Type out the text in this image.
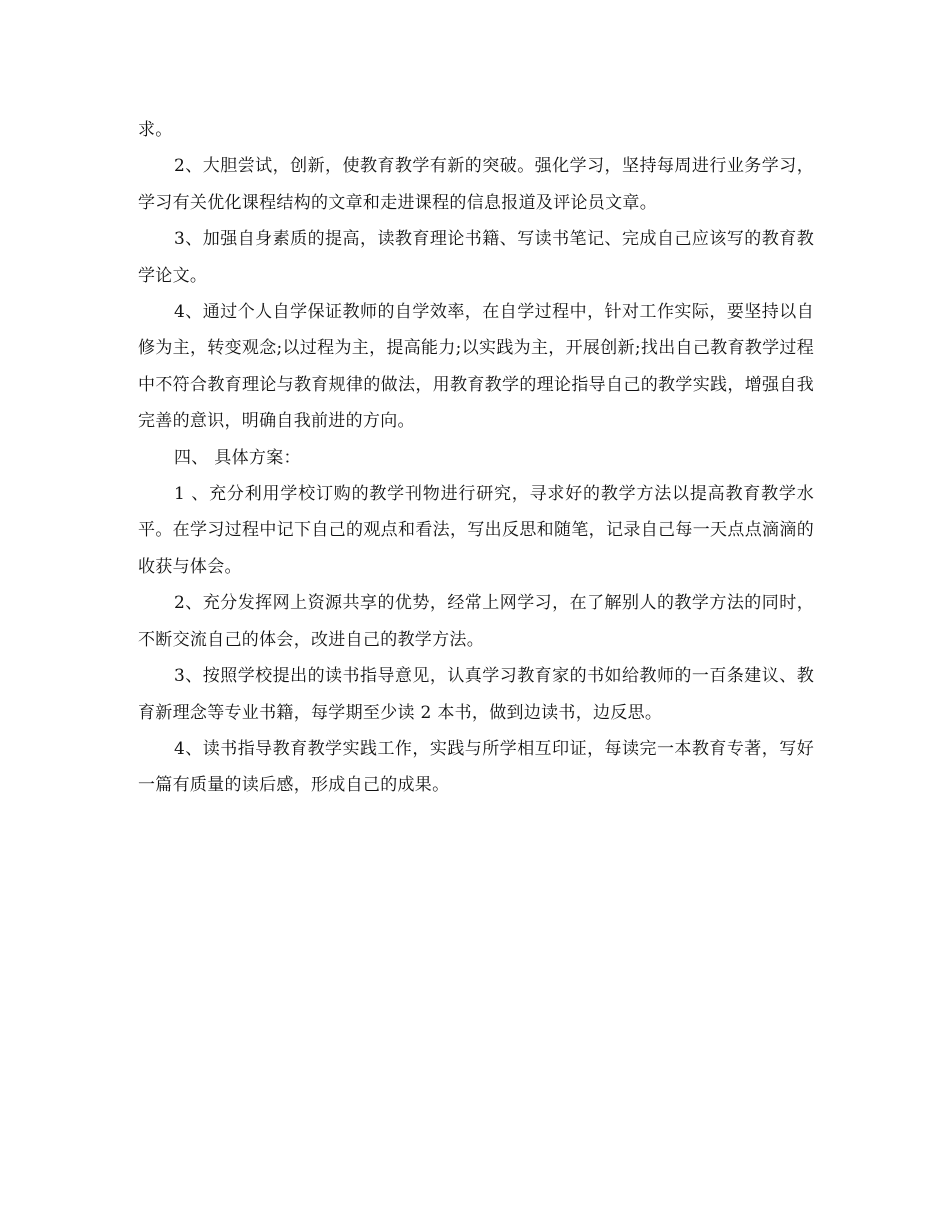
求。

2、大胆尝试，创新，使教育教学有新的突破。强化学习，坚持每周进行业务学习，学习有关优化课程结构的文章和走进课程的信息报道及评论员文章。

3、加强自身素质的提高，读教育理论书籍、写读书笔记、完成自己应该写的教育教学论文。

4、通过个人自学保证教师的自学效率，在自学过程中，针对工作实际，要坚持以自修为主，转变观念;以过程为主，提高能力;以实践为主，开展创新;找出自己教育教学过程中不符合教育理论与教育规律的做法，用教育教学的理论指导自己的教学实践，增强自我完善的意识，明确自我前进的方向。

四、 具体方案：

1 、充分利用学校订购的教学刊物进行研究，寻求好的教学方法以提高教育教学水平。在学习过程中记下自己的观点和看法，写出反思和随笔，记录自己每一天点点滴滴的收获与体会。

2、充分发挥网上资源共享的优势，经常上网学习，在了解别人的教学方法的同时，不断交流自己的体会，改进自己的教学方法。

3、按照学校提出的读书指导意见，认真学习教育家的书如给教师的一百条建议、教育新理念等专业书籍，每学期至少读 2 本书，做到边读书，边反思。

4、读书指导教育教学实践工作，实践与所学相互印证，每读完一本教育专著，写好一篇有质量的读后感，形成自己的成果。
